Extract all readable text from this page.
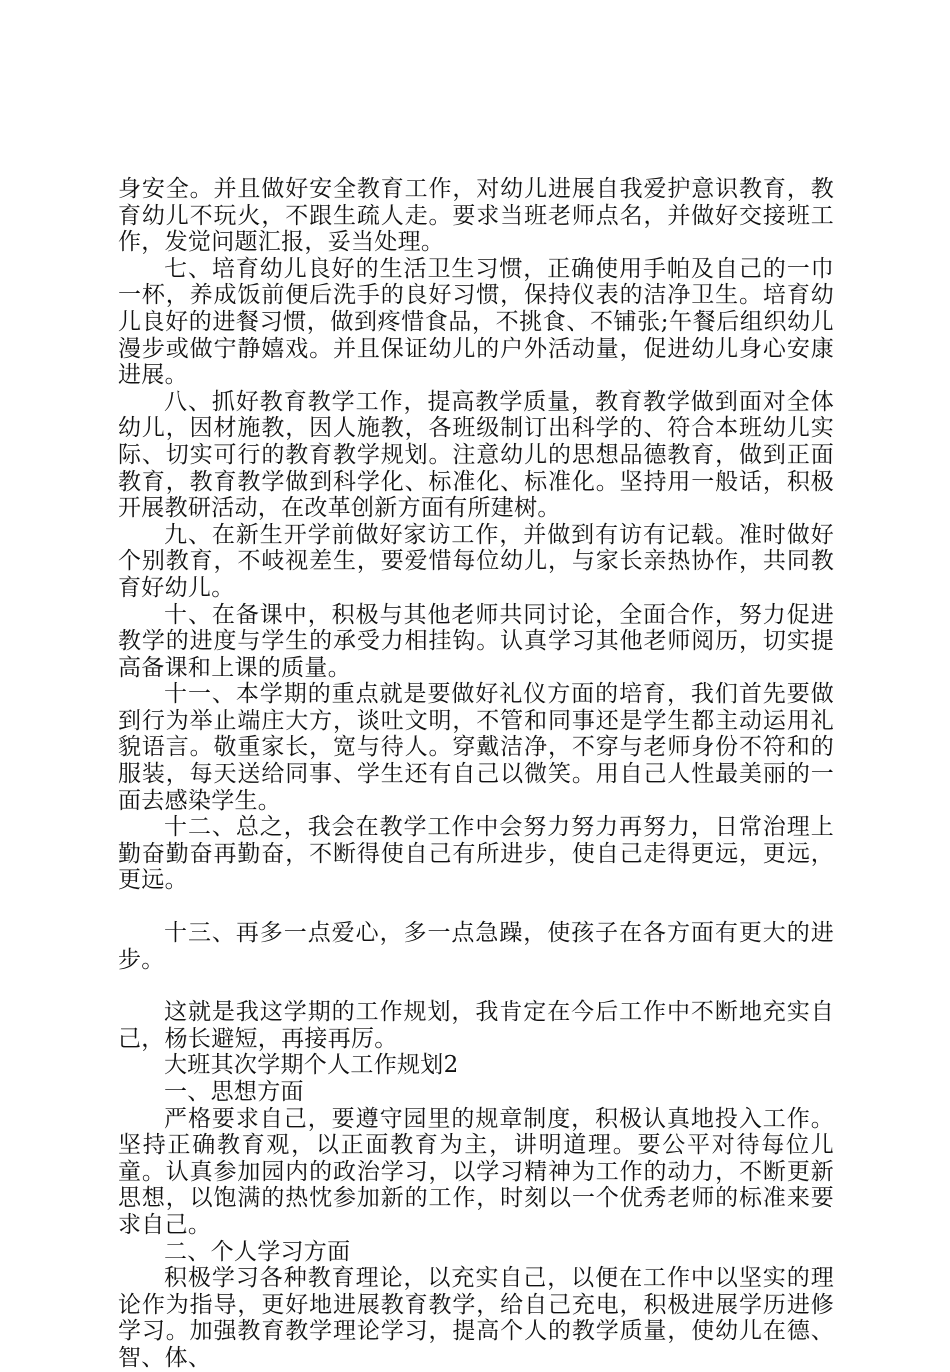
身安全。并且做好安全教育工作，对幼儿进展自我爱护意识教育，教育幼儿不玩火，不跟生疏人走。要求当班老师点名，并做好交接班工作，发觉问题汇报，妥当处理。

七、培育幼儿良好的生活卫生习惯，正确使用手帕及自己的一巾一杯，养成饭前便后洗手的良好习惯，保持仪表的洁净卫生。培育幼儿良好的进餐习惯，做到疼惜食品，不挑食、不铺张;午餐后组织幼儿漫步或做宁静嬉戏。并且保证幼儿的户外活动量，促进幼儿身心安康进展。

八、抓好教育教学工作，提高教学质量，教育教学做到面对全体幼儿，因材施教，因人施教，各班级制订出科学的、符合本班幼儿实际、切实可行的教育教学规划。注意幼儿的思想品德教育，做到正面教育，教育教学做到科学化、标准化、标准化。坚持用一般话，积极开展教研活动，在改革创新方面有所建树。

九、在新生开学前做好家访工作，并做到有访有记载。准时做好个别教育，不岐视差生，要爱惜每位幼儿，与家长亲热协作，共同教育好幼儿。

十、在备课中，积极与其他老师共同讨论，全面合作，努力促进教学的进度与学生的承受力相挂钩。认真学习其他老师阅历，切实提高备课和上课的质量。

十一、本学期的重点就是要做好礼仪方面的培育，我们首先要做到行为举止端庄大方，谈吐文明，不管和同事还是学生都主动运用礼貌语言。敬重家长，宽与待人。穿戴洁净，不穿与老师身份不符和的服装，每天送给同事、学生还有自己以微笑。用自己人性最美丽的一面去感染学生。

十二、总之，我会在教学工作中会努力努力再努力，日常治理上勤奋勤奋再勤奋，不断得使自己有所进步，使自己走得更远，更远，更远。

十三、再多一点爱心，多一点急躁，使孩子在各方面有更大的进步。

这就是我这学期的工作规划，我肯定在今后工作中不断地充实自己，杨长避短，再接再厉。

大班其次学期个人工作规划2

一、思想方面

严格要求自己，要遵守园里的规章制度，积极认真地投入工作。坚持正确教育观，以正面教育为主，讲明道理。要公平对待每位儿童。认真参加园内的政治学习，以学习精神为工作的动力，不断更新思想，以饱满的热忱参加新的工作，时刻以一个优秀老师的标准来要求自己。

二、个人学习方面

积极学习各种教育理论，以充实自己，以便在工作中以坚实的理论作为指导，更好地进展教育教学，给自己充电，积极进展学历进修学习。加强教育教学理论学习，提高个人的教学质量，使幼儿在德、智、体、
